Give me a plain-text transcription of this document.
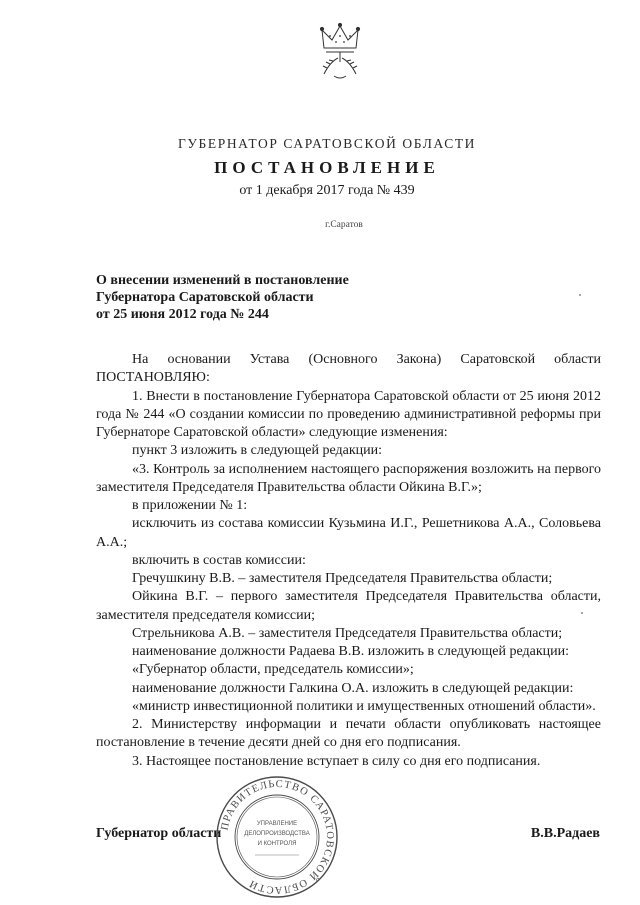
ГУБЕРНАТОР САРАТОВСКОЙ ОБЛАСТИ
ПОСТАНОВЛЕНИЕ
от 1 декабря 2017 года № 439
г.Саратов
О внесении изменений в постановление
Губернатора Саратовской области
от 25 июня 2012 года № 244

На основании Устава (Основного Закона) Саратовской области ПОСТАНОВЛЯЮ:

1. Внести в постановление Губернатора Саратовской области от 25 июня 2012 года № 244 «О создании комиссии по проведению административной реформы при Губернаторе Саратовской области» следующие изменения:

пункт 3 изложить в следующей редакции:

«3. Контроль за исполнением настоящего распоряжения возложить на первого заместителя Председателя Правительства области Ойкина В.Г.»;

в приложении № 1:

исключить из состава комиссии Кузьмина И.Г., Решетникова А.А., Соловьева А.А.;

включить в состав комиссии:

Гречушкину В.В. – заместителя Председателя Правительства области;

Ойкина В.Г. – первого заместителя Председателя Правительства области, заместителя председателя комиссии;

Стрельникова А.В. – заместителя Председателя Правительства области;

наименование должности Радаева В.В. изложить в следующей редакции:

«Губернатор области, председатель комиссии»;

наименование должности Галкина О.А. изложить в следующей редакции:

«министр инвестиционной политики и имущественных отношений области».

2. Министерству информации и печати области опубликовать настоящее постановление в течение десяти дней со дня его подписания.

3. Настоящее постановление вступает в силу со дня его подписания.

Губернатор области
ПРАВИТЕЛЬСТВО САРАТОВСКОЙ ОБЛАСТИ
УПРАВЛЕНИЕ
ДЕЛОПРОИЗВОДСТВА
И КОНТРОЛЯ
В.В.Радаев
